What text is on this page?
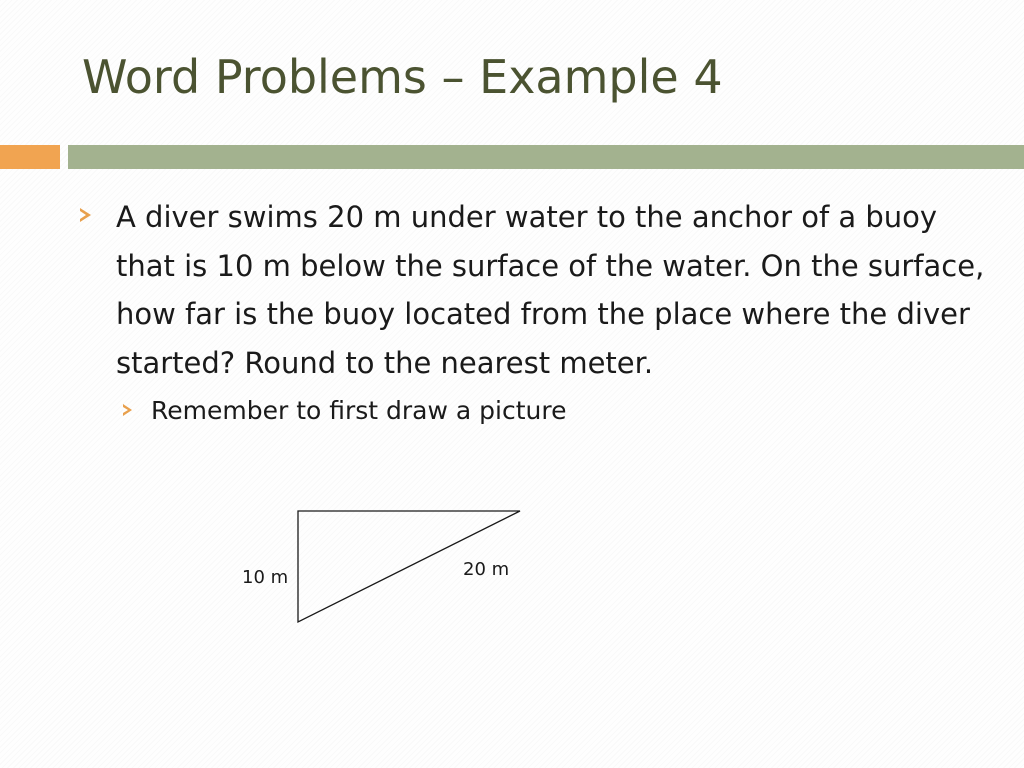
Word Problems – Example 4

A diver swims 20 m under water to the anchor of a buoy that is 10 m below the surface of the water. On the surface, how far is the buoy located from the place where the diver started? Round to the nearest meter.

Remember to first draw a picture

10 m	20 m
